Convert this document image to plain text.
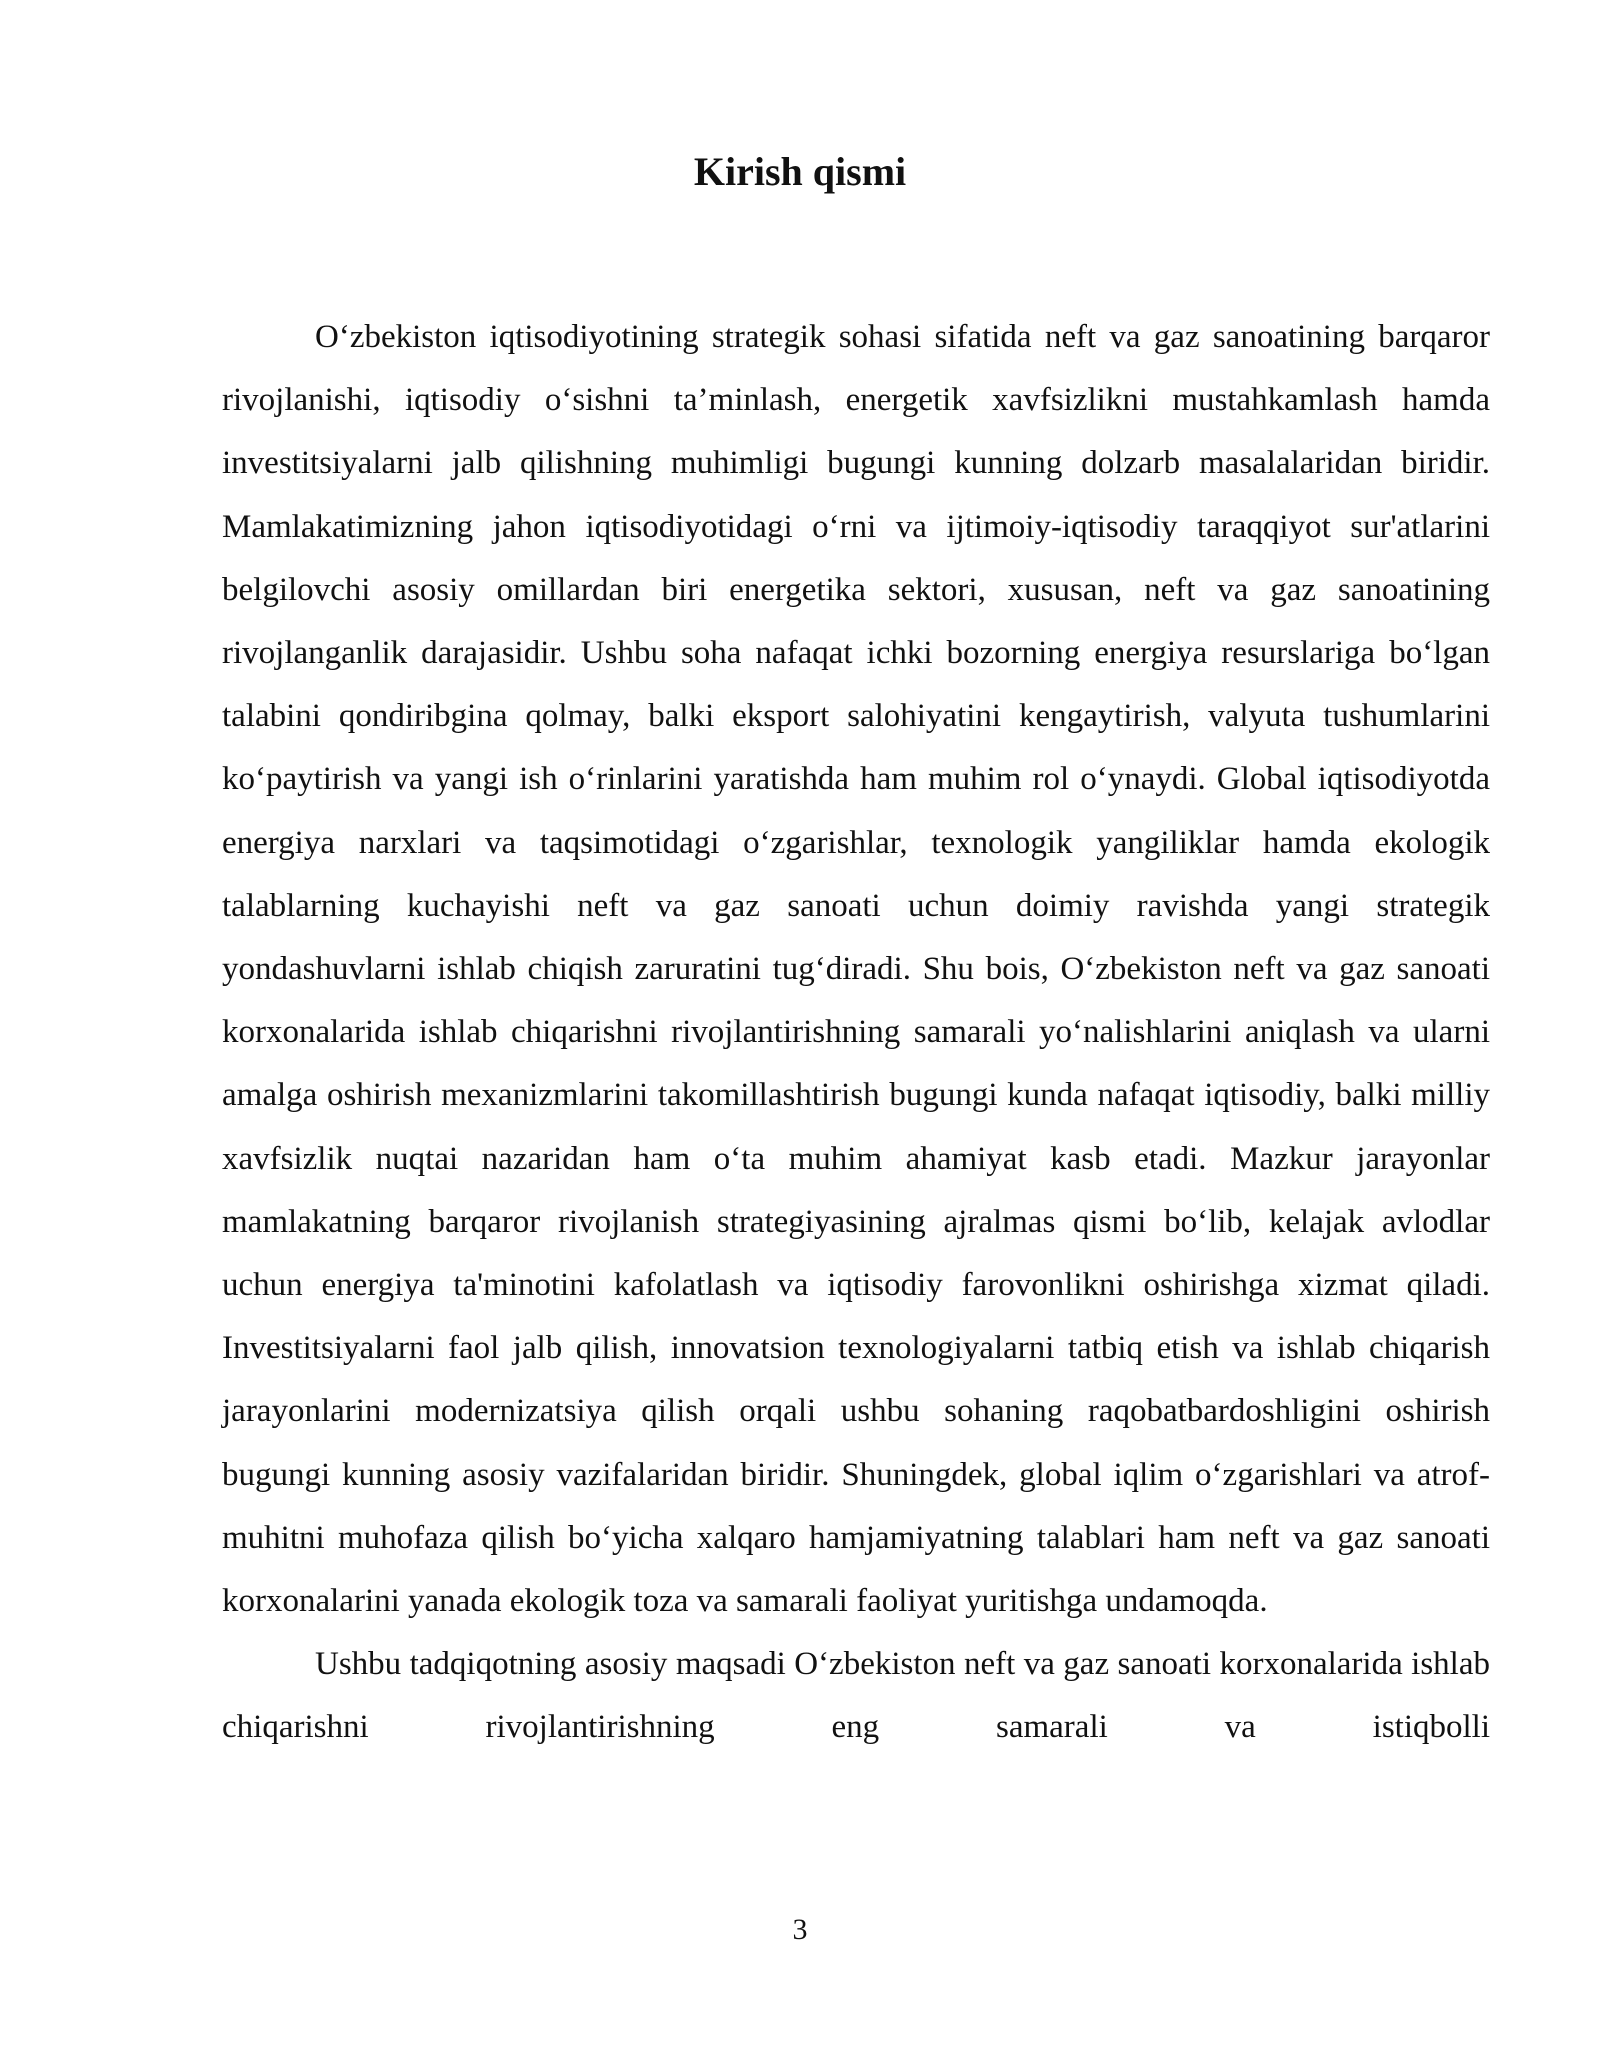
Kirish qismi

O‘zbekiston iqtisodiyotining strategik sohasi sifatida neft va gaz sanoatining barqaror rivojlanishi, iqtisodiy o‘sishni ta’minlash, energetik xavfsizlikni mustahkamlash hamda investitsiyalarni jalb qilishning muhimligi bugungi kunning dolzarb masalalaridan biridir. Mamlakatimizning jahon iqtisodiyotidagi o‘rni va ijtimoiy-iqtisodiy taraqqiyot sur'atlarini belgilovchi asosiy omillardan biri energetika sektori, xususan, neft va gaz sanoatining rivojlanganlik darajasidir. Ushbu soha nafaqat ichki bozorning energiya resurslariga bo‘lgan talabini qondiribgina qolmay, balki eksport salohiyatini kengaytirish, valyuta tushumlarini ko‘paytirish va yangi ish o‘rinlarini yaratishda ham muhim rol o‘ynaydi. Global iqtisodiyotda energiya narxlari va taqsimotidagi o‘zgarishlar, texnologik yangiliklar hamda ekologik talablarning kuchayishi neft va gaz sanoati uchun doimiy ravishda yangi strategik yondashuvlarni ishlab chiqish zaruratini tug‘diradi. Shu bois, O‘zbekiston neft va gaz sanoati korxonalarida ishlab chiqarishni rivojlantirishning samarali yo‘nalishlarini aniqlash va ularni amalga oshirish mexanizmlarini takomillashtirish bugungi kunda nafaqat iqtisodiy, balki milliy xavfsizlik nuqtai nazaridan ham o‘ta muhim ahamiyat kasb etadi. Mazkur jarayonlar mamlakatning barqaror rivojlanish strategiyasining ajralmas qismi bo‘lib, kelajak avlodlar uchun energiya ta'minotini kafolatlash va iqtisodiy farovonlikni oshirishga xizmat qiladi. Investitsiyalarni faol jalb qilish, innovatsion texnologiyalarni tatbiq etish va ishlab chiqarish jarayonlarini modernizatsiya qilish orqali ushbu sohaning raqobatbardoshligini oshirish bugungi kunning asosiy vazifalaridan biridir. Shuningdek, global iqlim o‘zgarishlari va atrof-muhitni muhofaza qilish bo‘yicha xalqaro hamjamiyatning talablari ham neft va gaz sanoati korxonalarini yanada ekologik toza va samarali faoliyat yuritishga undamoqda.

Ushbu tadqiqotning asosiy maqsadi O‘zbekiston neft va gaz sanoati korxonalarida ishlab chiqarishni rivojlantirishning eng samarali va istiqbolli

3
